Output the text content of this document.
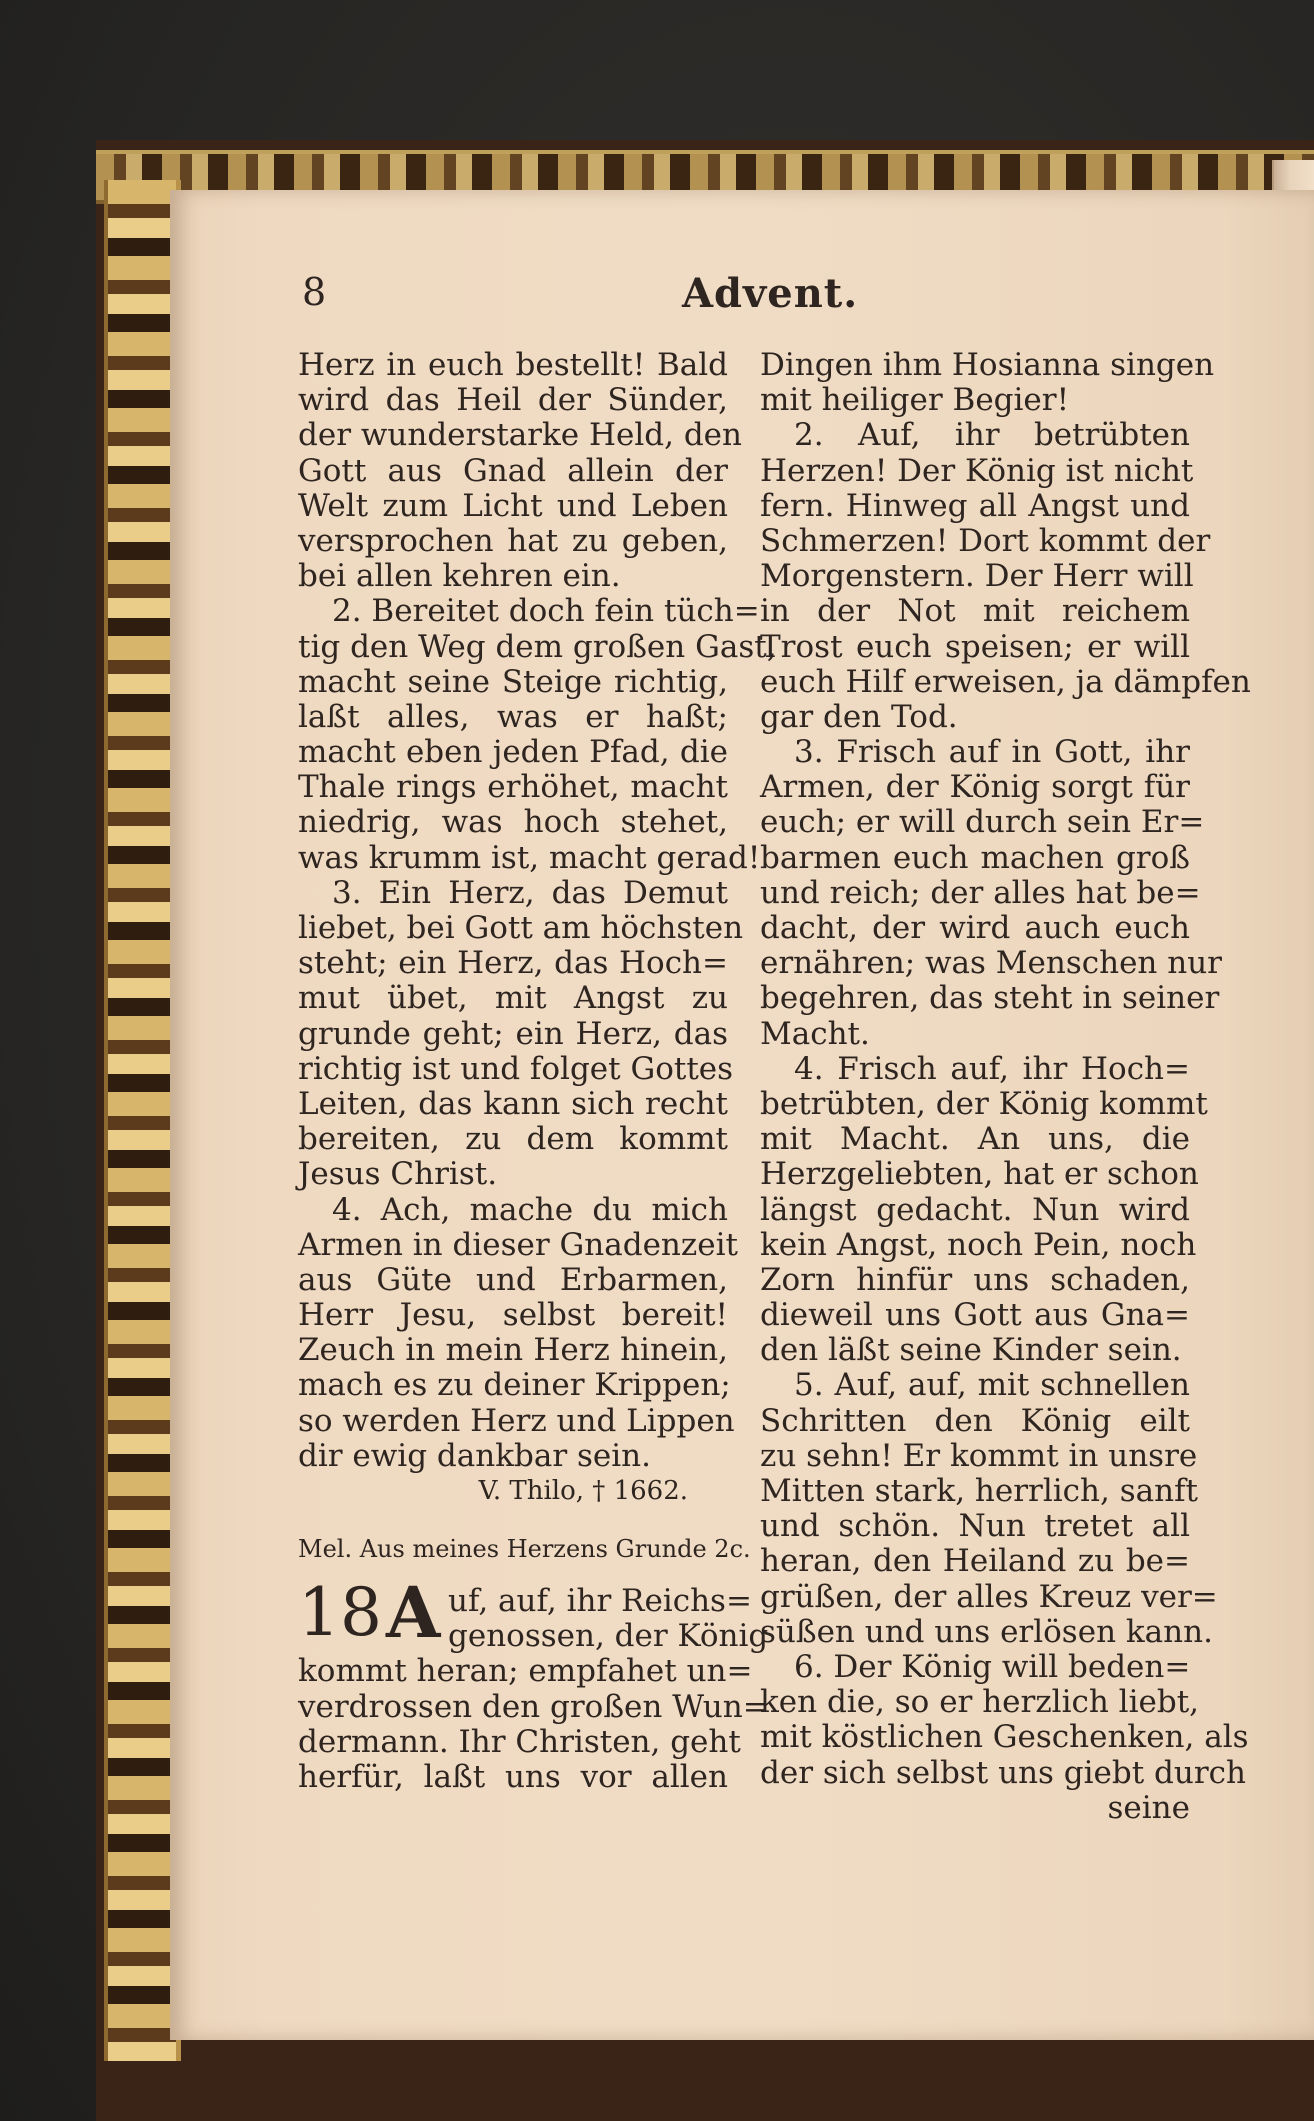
8	Advent.
Herz in euch bestellt! Bald
wird das Heil der Sünder,
der wunderstarke Held, den
Gott aus Gnad allein der
Welt zum Licht und Leben
versprochen hat zu geben,
bei allen kehren ein.
2. Bereitet doch fein tüch=
tig den Weg dem großen Gast,
macht seine Steige richtig,
laßt alles, was er haßt;
macht eben jeden Pfad, die
Thale rings erhöhet, macht
niedrig, was hoch stehet,
was krumm ist, macht gerad!
3. Ein Herz, das Demut
liebet, bei Gott am höchsten
steht; ein Herz, das Hoch=
mut übet, mit Angst zu
grunde geht; ein Herz, das
richtig ist und folget Gottes
Leiten, das kann sich recht
bereiten, zu dem kommt
Jesus Christ.
4. Ach, mache du mich
Armen in dieser Gnadenzeit
aus Güte und Erbarmen,
Herr Jesu, selbst bereit!
Zeuch in mein Herz hinein,
mach es zu deiner Krippen;
so werden Herz und Lippen
dir ewig dankbar sein.
V. Thilo, † 1662.
Mel. Aus meines Herzens Grunde 2c.
18 A uf, auf, ihr Reichs=
genossen, der König
kommt heran; empfahet un=
verdrossen den großen Wun=
dermann. Ihr Christen, geht
herfür, laßt uns vor allen
Dingen ihm Hosianna singen
mit heiliger Begier!
2. Auf, ihr betrübten
Herzen! Der König ist nicht
fern. Hinweg all Angst und
Schmerzen! Dort kommt der
Morgenstern. Der Herr will
in der Not mit reichem
Trost euch speisen; er will
euch Hilf erweisen, ja dämpfen
gar den Tod.
3. Frisch auf in Gott, ihr
Armen, der König sorgt für
euch; er will durch sein Er=
barmen euch machen groß
und reich; der alles hat be=
dacht, der wird auch euch
ernähren; was Menschen nur
begehren, das steht in seiner
Macht.
4. Frisch auf, ihr Hoch=
betrübten, der König kommt
mit Macht. An uns, die
Herzgeliebten, hat er schon
längst gedacht. Nun wird
kein Angst, noch Pein, noch
Zorn hinfür uns schaden,
dieweil uns Gott aus Gna=
den läßt seine Kinder sein.
5. Auf, auf, mit schnellen
Schritten den König eilt
zu sehn! Er kommt in unsre
Mitten stark, herrlich, sanft
und schön. Nun tretet all
heran, den Heiland zu be=
grüßen, der alles Kreuz ver=
süßen und uns erlösen kann.
6. Der König will beden=
ken die, so er herzlich liebt,
mit köstlichen Geschenken, als
der sich selbst uns giebt durch
seine
